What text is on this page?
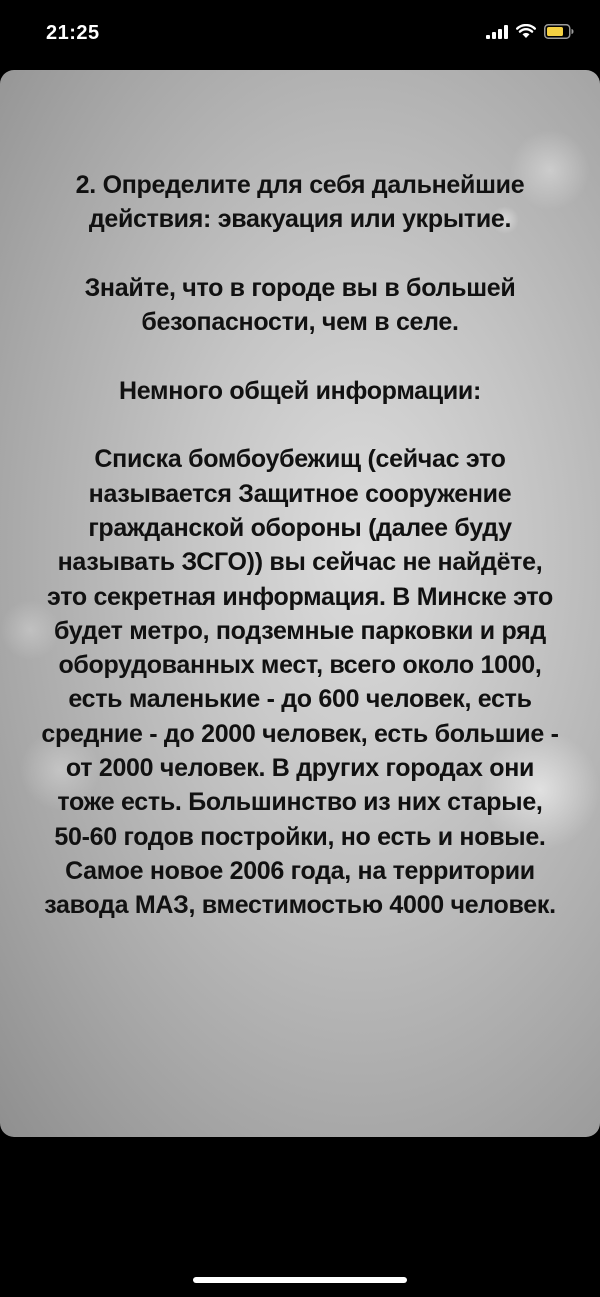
21:25

2. Определите для себя дальнейшие действия: эвакуация или укрытие.

Знайте, что в городе вы в большей безопасности, чем в селе.

Немного общей информации:

Списка бомбоубежищ (сейчас это называется Защитное сооружение гражданской обороны (далее буду называть ЗСГО)) вы сейчас не найдёте, это секретная информация. В Минске это будет метро, подземные парковки и ряд оборудованных мест, всего около 1000, есть маленькие - до 600 человек, есть средние - до 2000 человек, есть большие - от 2000 человек. В других городах они тоже есть. Большинство из них старые, 50-60 годов постройки, но есть и новые. Самое новое 2006 года, на территории завода МАЗ, вместимостью 4000 человек.
